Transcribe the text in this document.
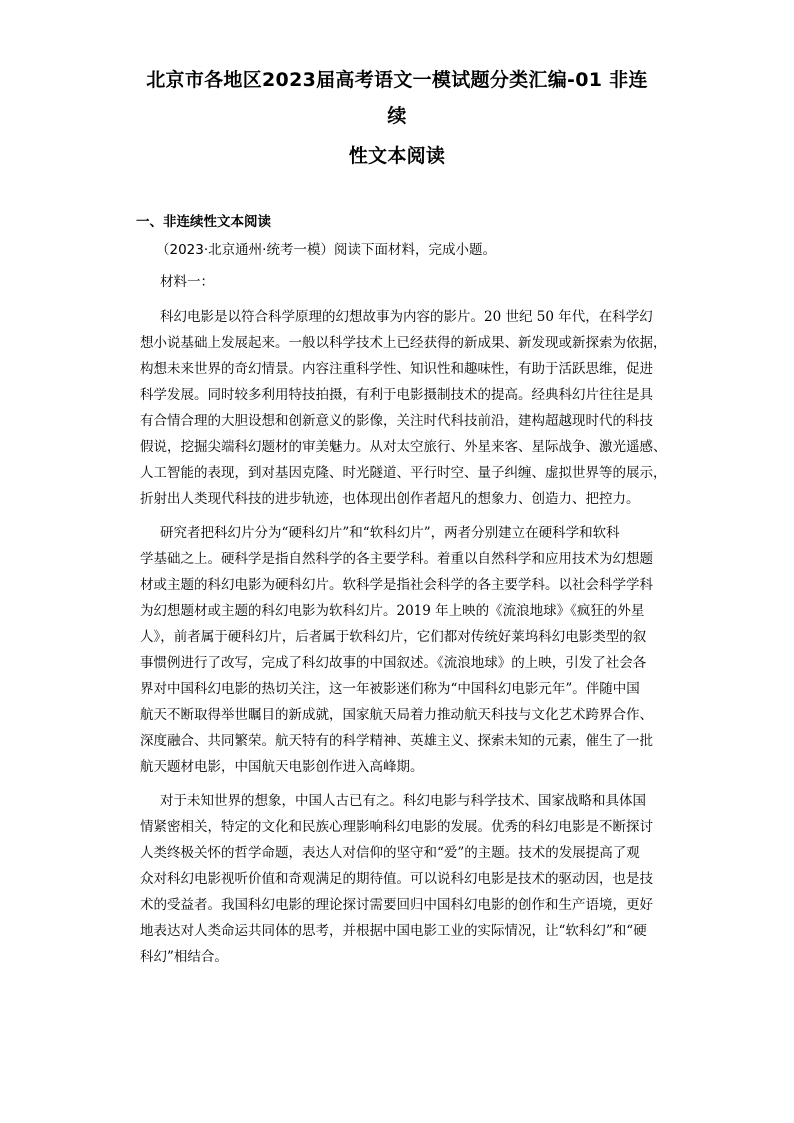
北京市各地区2023届高考语文一模试题分类汇编-01 非连续
性文本阅读
一、非连续性文本阅读
（2023·北京通州·统考一模）阅读下面材料，完成小题。
材料一：
科幻电影是以符合科学原理的幻想故事为内容的影片。20 世纪 50 年代，在科学幻
想小说基础上发展起来。一般以科学技术上已经获得的新成果、新发现或新探索为依据，
构想未来世界的奇幻情景。内容注重科学性、知识性和趣味性，有助于活跃思维，促进
科学发展。同时较多利用特技拍摄，有利于电影摄制技术的提高。经典科幻片往往是具
有合情合理的大胆设想和创新意义的影像，关注时代科技前沿，建构超越现时代的科技
假说，挖掘尖端科幻题材的审美魅力。从对太空旅行、外星来客、星际战争、激光遥感、
人工智能的表现，到对基因克隆、时光隧道、平行时空、量子纠缠、虚拟世界等的展示，
折射出人类现代科技的进步轨迹，也体现出创作者超凡的想象力、创造力、把控力。
研究者把科幻片分为“硬科幻片”和“软科幻片”，两者分别建立在硬科学和软科
学基础之上。硬科学是指自然科学的各主要学科。着重以自然科学和应用技术为幻想题
材或主题的科幻电影为硬科幻片。软科学是指社会科学的各主要学科。以社会科学学科
为幻想题材或主题的科幻电影为软科幻片。2019 年上映的《流浪地球》《疯狂的外星
人》，前者属于硬科幻片，后者属于软科幻片，它们都对传统好莱坞科幻电影类型的叙
事惯例进行了改写，完成了科幻故事的中国叙述。《流浪地球》的上映，引发了社会各
界对中国科幻电影的热切关注，这一年被影迷们称为“中国科幻电影元年”。伴随中国
航天不断取得举世瞩目的新成就，国家航天局着力推动航天科技与文化艺术跨界合作、
深度融合、共同繁荣。航天特有的科学精神、英雄主义、探索未知的元素，催生了一批
航天题材电影，中国航天电影创作进入高峰期。
对于未知世界的想象，中国人古已有之。科幻电影与科学技术、国家战略和具体国
情紧密相关，特定的文化和民族心理影响科幻电影的发展。优秀的科幻电影是不断探讨
人类终极关怀的哲学命题，表达人对信仰的坚守和“爱”的主题。技术的发展提高了观
众对科幻电影视听价值和奇观满足的期待值。可以说科幻电影是技术的驱动因，也是技
术的受益者。我国科幻电影的理论探讨需要回归中国科幻电影的创作和生产语境，更好
地表达对人类命运共同体的思考，并根据中国电影工业的实际情况，让“软科幻”和“硬
科幻”相结合。
